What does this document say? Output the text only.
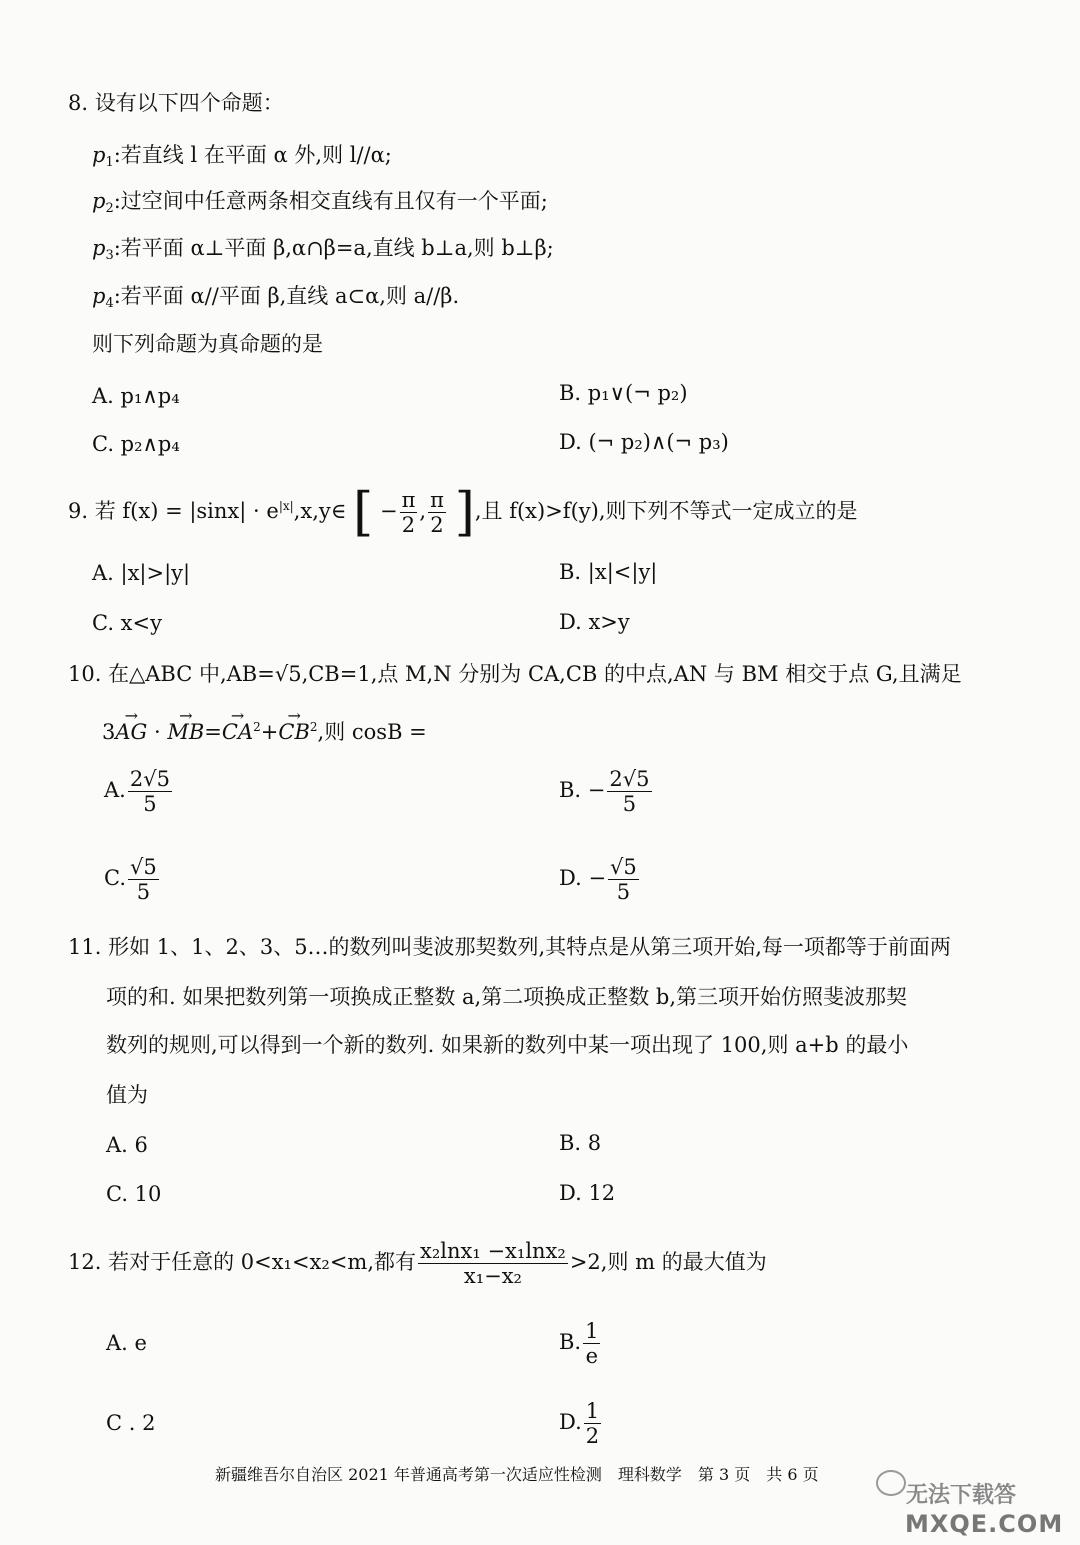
8. 设有以下四个命题：
$p_1$:若直线 l 在平面 α 外,则 l//α;
$p_2$:过空间中任意两条相交直线有且仅有一个平面;
$p_3$:若平面 α⊥平面 β,α∩β=a,直线 b⊥a,则 b⊥β;
$p_4$:若平面 α//平面 β,直线 a⊂α,则 a//β.
则下列命题为真命题的是
A. p₁∧p₄	B. p₁∨(¬ p₂)
C. p₂∧p₄	D. (¬ p₂)∧(¬ p₃)
9. 若 $f(x) = |\sin x| \cdot e^{|x|},x,y\in$ [ − $\frac{\pi}{2}$ , $\frac{\pi}{2}$ ],且 f(x)>f(y),则下列不等式一定成立的是
A. |x|>|y|	B. |x|<|y|
C. x<y	D. x>y
10. 在△ABC 中,AB=√5,CB=1,点 M,N 分别为 CA,CB 的中点,AN 与 BM 相交于点 G,且满足
3→ AG · → $MB=\to CA^2+\to CB^2$,则 cosB =
A. $\frac{2√5}{5}$	B. − $\frac{2√5}{5}$
C. $\frac{√5}{5}$	D. − $\frac{√5}{5}$
11. 形如 1、1、2、3、5…的数列叫斐波那契数列,其特点是从第三项开始,每一项都等于前面两
项的和. 如果把数列第一项换成正整数 a,第二项换成正整数 b,第三项开始仿照斐波那契
数列的规则,可以得到一个新的数列. 如果新的数列中某一项出现了 100,则 a+b 的最小
值为
A. 6	B. 8
C. 10	D. 12
12. 若对于任意的 0<x₁<x₂<m,都有 $\frac{\text{x₂lnx₁ −x₁lnx₂}}{\text{x₁−x₂}} >2$,则 m 的最大值为
A. e	B. $\frac{1}{e}$
C . 2	D. $\frac{1}{2}$
新疆维吾尔自治区 2021 年普通高考第一次适应性检测　理科数学　第 3 页　共 6 页
无法下载答
MXQE.COM
